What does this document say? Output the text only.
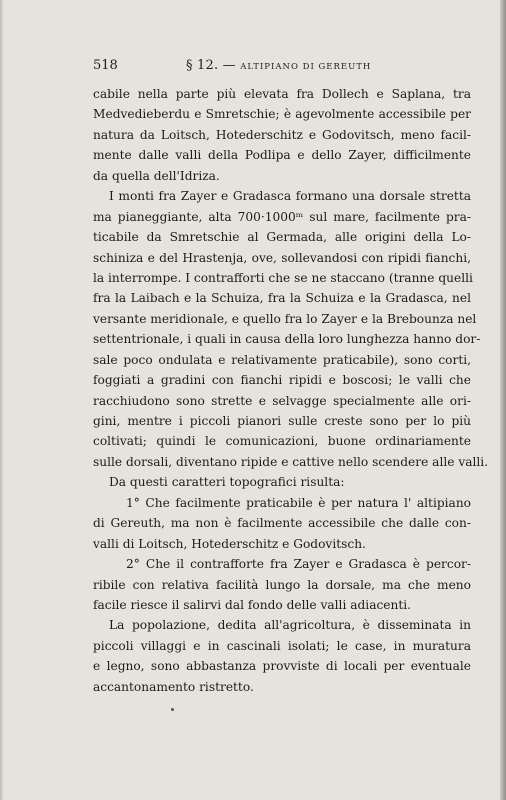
518	§ 12. — ALTIPIANO DI GEREUTH
cabile nella parte più elevata fra Dollech e Saplana, tra
Medvedieberdu e Smretschie; è agevolmente accessibile per
natura da Loitsch, Hotederschitz e Godovitsch, meno facil-
mente dalle valli della Podlipa e dello Zayer, difficilmente
da quella dell'Idriza.
I monti fra Zayer e Gradasca formano una dorsale stretta
ma pianeggiante, alta 700·1000ᵐ sul mare, facilmente pra-
ticabile da Smretschie al Germada, alle origini della Lo-
schiniza e del Hrastenja, ove, sollevandosi con ripidi fianchi,
la interrompe. I contrafforti che se ne staccano (tranne quelli
fra la Laibach e la Schuiza, fra la Schuiza e la Gradasca, nel
versante meridionale, e quello fra lo Zayer e la Brebounza nel
settentrionale, i quali in causa della loro lunghezza hanno dor-
sale poco ondulata e relativamente praticabile), sono corti,
foggiati a gradini con fianchi ripidi e boscosi; le valli che
racchiudono sono strette e selvagge specialmente alle ori-
gini, mentre i piccoli pianori sulle creste sono per lo più
coltivati; quindi le comunicazioni, buone ordinariamente
sulle dorsali, diventano ripide e cattive nello scendere alle valli.
Da questi caratteri topografici risulta:
1° Che facilmente praticabile è per natura l' altipiano
di Gereuth, ma non è facilmente accessibile che dalle con-
valli di Loitsch, Hotederschitz e Godovitsch.
2° Che il contrafforte fra Zayer e Gradasca è percor-
ribile con relativa facilità lungo la dorsale, ma che meno
facile riesce il salirvi dal fondo delle valli adiacenti.
La popolazione, dedita all'agricoltura, è disseminata in
piccoli villaggi e in cascinali isolati; le case, in muratura
e legno, sono abbastanza provviste di locali per eventuale
accantonamento ristretto.
